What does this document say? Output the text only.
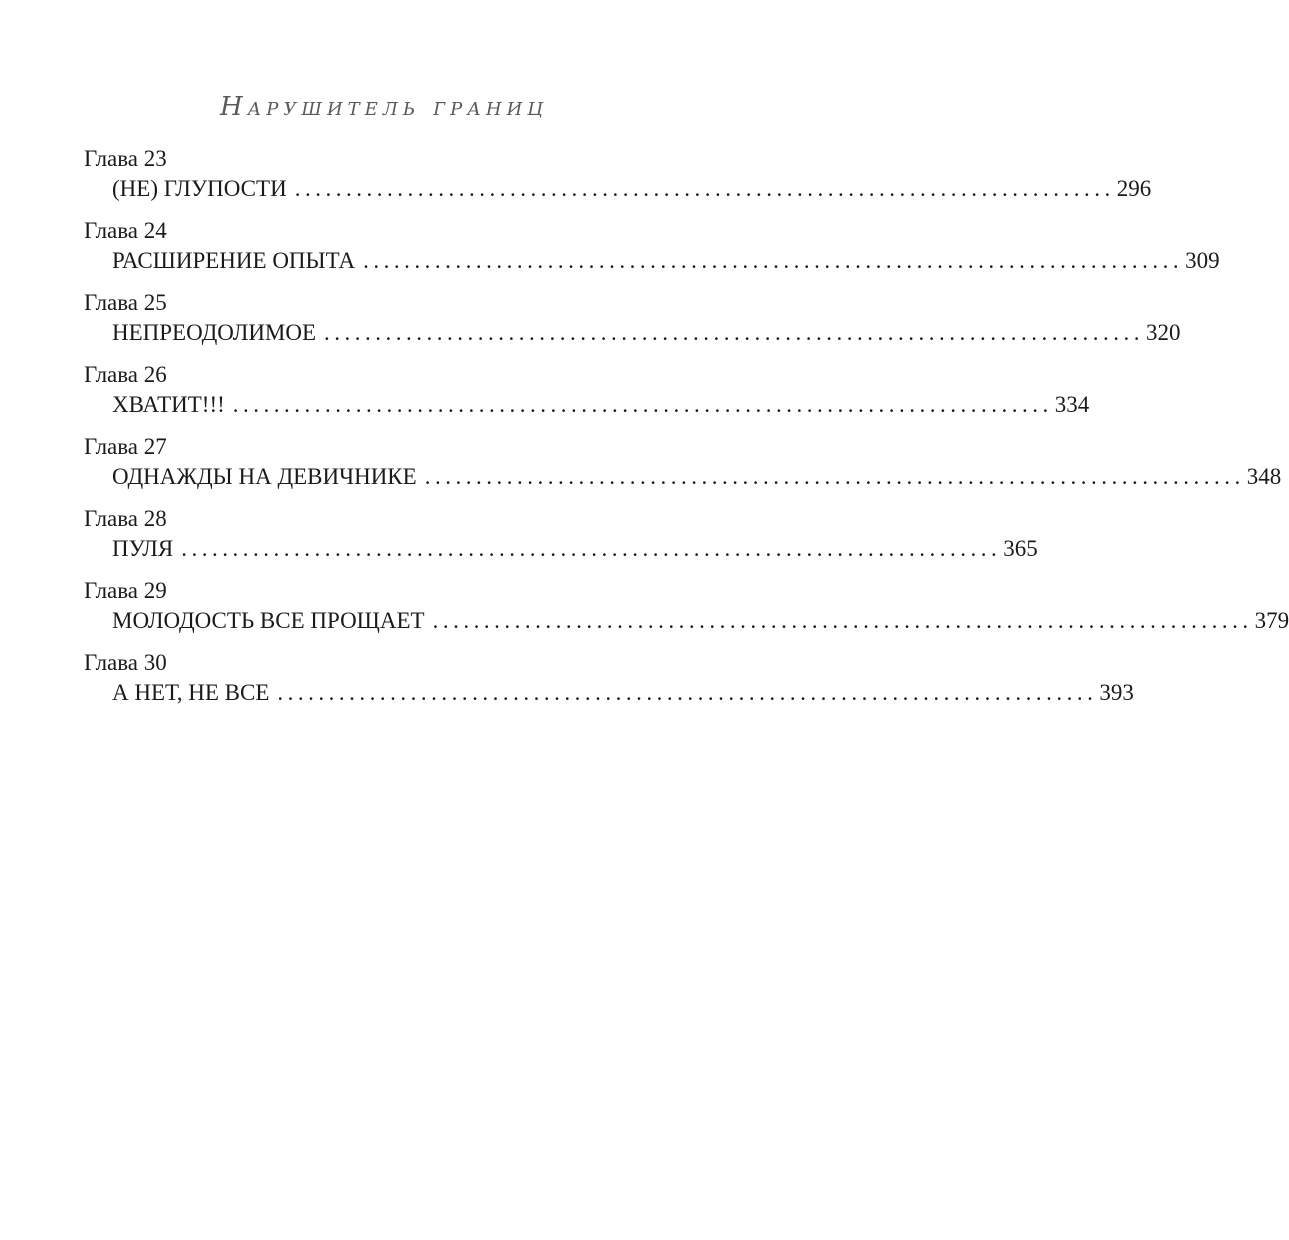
Нарушитель границ
Глава 23
(НЕ) ГЛУПОСТИ ................................................................................ 296
Глава 24
РАСШИРЕНИЕ ОПЫТА ................................................................................ 309
Глава 25
НЕПРЕОДОЛИМОЕ ................................................................................ 320
Глава 26
ХВАТИТ!!! ................................................................................ 334
Глава 27
ОДНАЖДЫ НА ДЕВИЧНИКЕ ................................................................................ 348
Глава 28
ПУЛЯ ................................................................................ 365
Глава 29
МОЛОДОСТЬ ВСЕ ПРОЩАЕТ ................................................................................ 379
Глава 30
А НЕТ, НЕ ВСЕ ................................................................................ 393
